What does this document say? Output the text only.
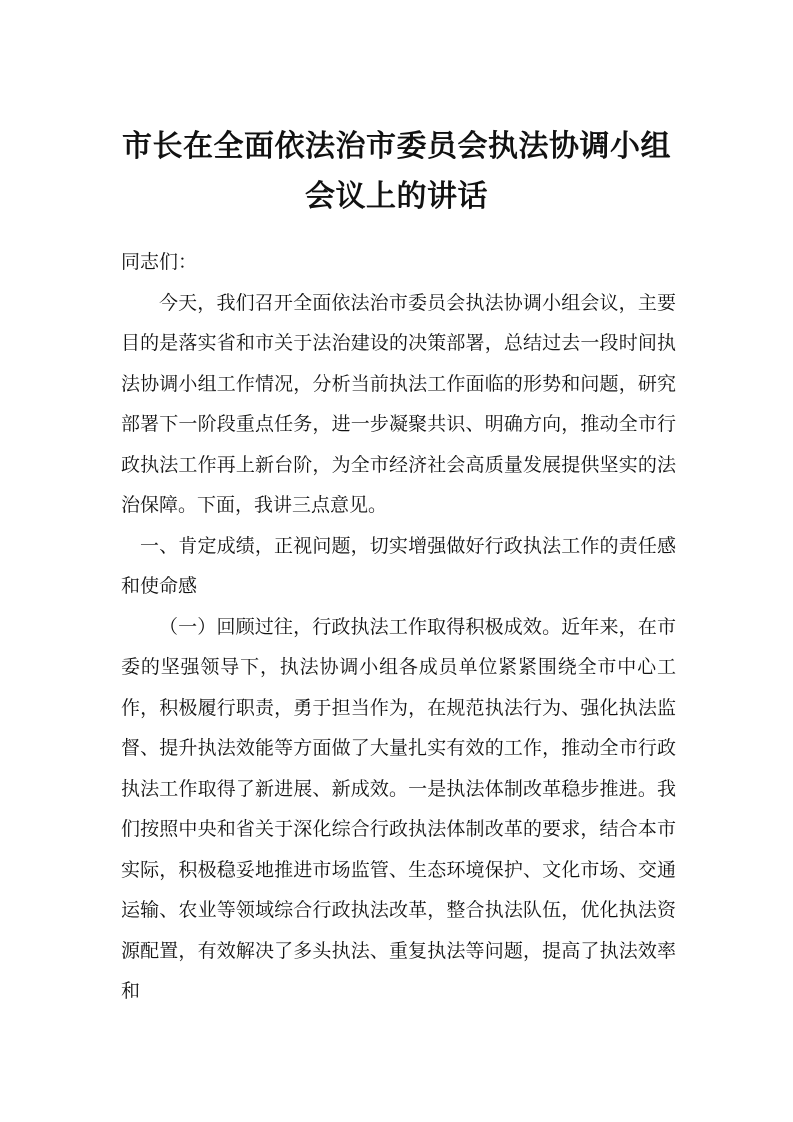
市长在全面依法治市委员会执法协调小组
会议上的讲话

同志们：

今天，我们召开全面依法治市委员会执法协调小组会议，主要目的是落实省和市关于法治建设的决策部署，总结过去一段时间执法协调小组工作情况，分析当前执法工作面临的形势和问题，研究部署下一阶段重点任务，进一步凝聚共识、明确方向，推动全市行政执法工作再上新台阶，为全市经济社会高质量发展提供坚实的法治保障。下面，我讲三点意见。

一、肯定成绩，正视问题，切实增强做好行政执法工作的责任感和使命感

（一）回顾过往，行政执法工作取得积极成效。近年来，在市委的坚强领导下，执法协调小组各成员单位紧紧围绕全市中心工作，积极履行职责，勇于担当作为，在规范执法行为、强化执法监督、提升执法效能等方面做了大量扎实有效的工作，推动全市行政执法工作取得了新进展、新成效。一是执法体制改革稳步推进。我们按照中央和省关于深化综合行政执法体制改革的要求，结合本市实际，积极稳妥地推进市场监管、生态环境保护、文化市场、交通运输、农业等领域综合行政执法改革，整合执法队伍，优化执法资源配置，有效解决了多头执法、重复执法等问题，提高了执法效率和
